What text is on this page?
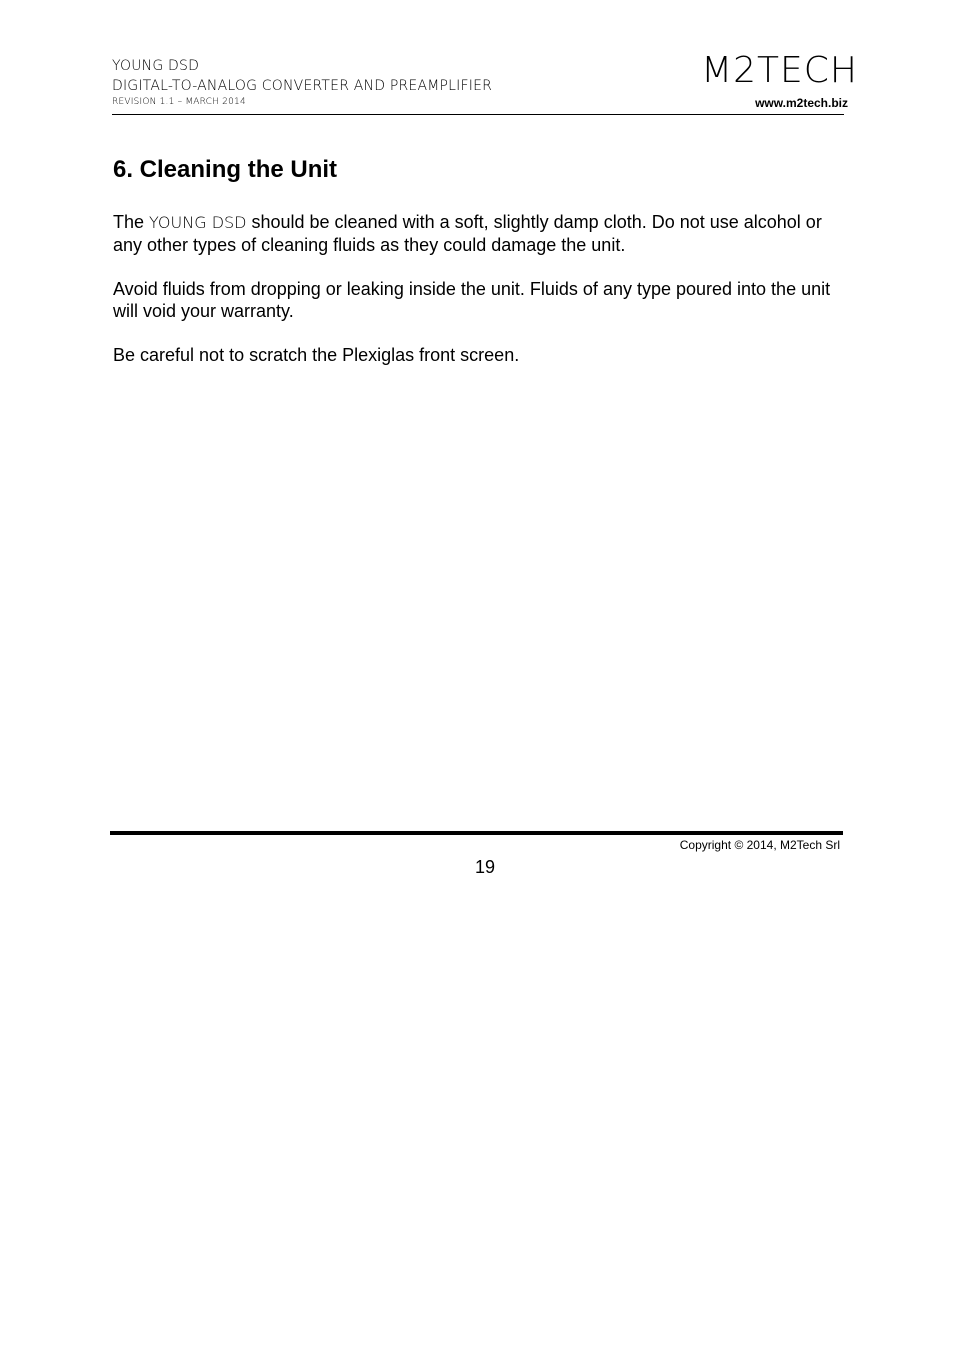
YOUNG DSD
DIGITAL-TO-ANALOG CONVERTER AND PREAMPLIFIER
REVISION 1.1 – MARCH 2014
M2TECH
www.m2tech.biz
6. Cleaning the Unit

The YOUNG DSD should be cleaned with a soft, slightly damp cloth. Do not use alcohol or any other types of cleaning fluids as they could damage the unit.

Avoid fluids from dropping or leaking inside the unit. Fluids of any type poured into the unit will void your warranty.

Be careful not to scratch the Plexiglas front screen.

Copyright © 2014, M2Tech Srl
19
